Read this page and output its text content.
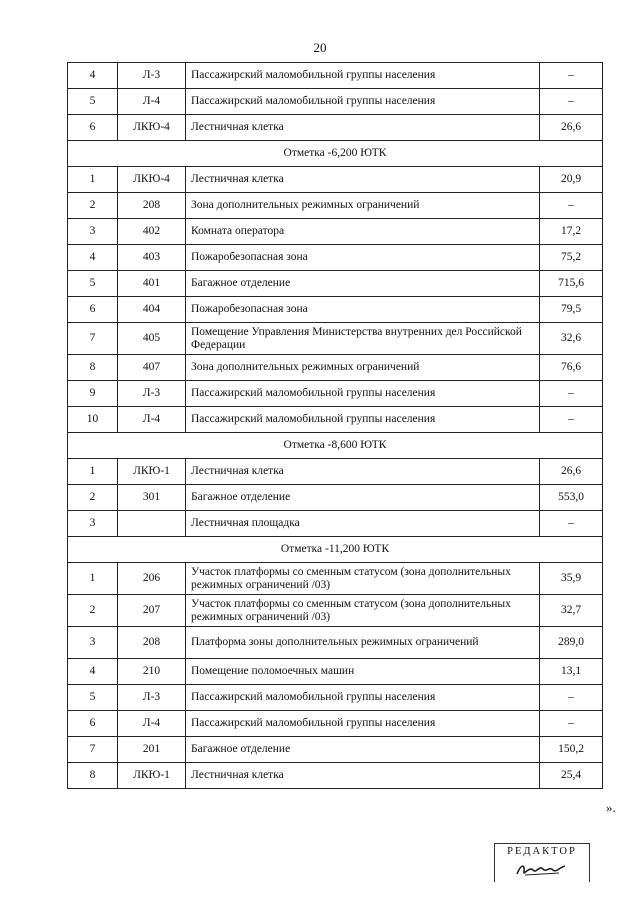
20
4	Л-3	Пассажирский маломобильной группы населения	–
5	Л-4	Пассажирский маломобильной группы населения	–
6	ЛКЮ-4	Лестничная клетка	26,6
Отметка -6,200 ЮТК			
1	ЛКЮ-4	Лестничная клетка	20,9
2	208	Зона дополнительных режимных ограничений	–
3	402	Комната оператора	17,2
4	403	Пожаробезопасная зона	75,2
5	401	Багажное отделение	715,6
6	404	Пожаробезопасная зона	79,5
7	405	Помещение Управления Министерства внутренних дел Российской Федерации	32,6
8	407	Зона дополнительных режимных ограничений	76,6
9	Л-3	Пассажирский маломобильной группы населения	–
10	Л-4	Пассажирский маломобильной группы населения	–
Отметка -8,600 ЮТК			
1	ЛКЮ-1	Лестничная клетка	26,6
2	301	Багажное отделение	553,0
3		Лестничная площадка	–
Отметка -11,200 ЮТК			
1	206	Участок платформы со сменным статусом (зона дополнительных режимных ограничений /03)	35,9
2	207	Участок платформы со сменным статусом (зона дополнительных режимных ограничений /03)	32,7
3	208	Платформа зоны дополнительных режимных ограничений	289,0
4	210	Помещение поломоечных машин	13,1
5	Л-3	Пассажирский маломобильной группы населения	–
6	Л-4	Пассажирский маломобильной группы населения	–
7	201	Багажное отделение	150,2
8	ЛКЮ-1	Лестничная клетка	25,4
».
РЕДАКТОР
